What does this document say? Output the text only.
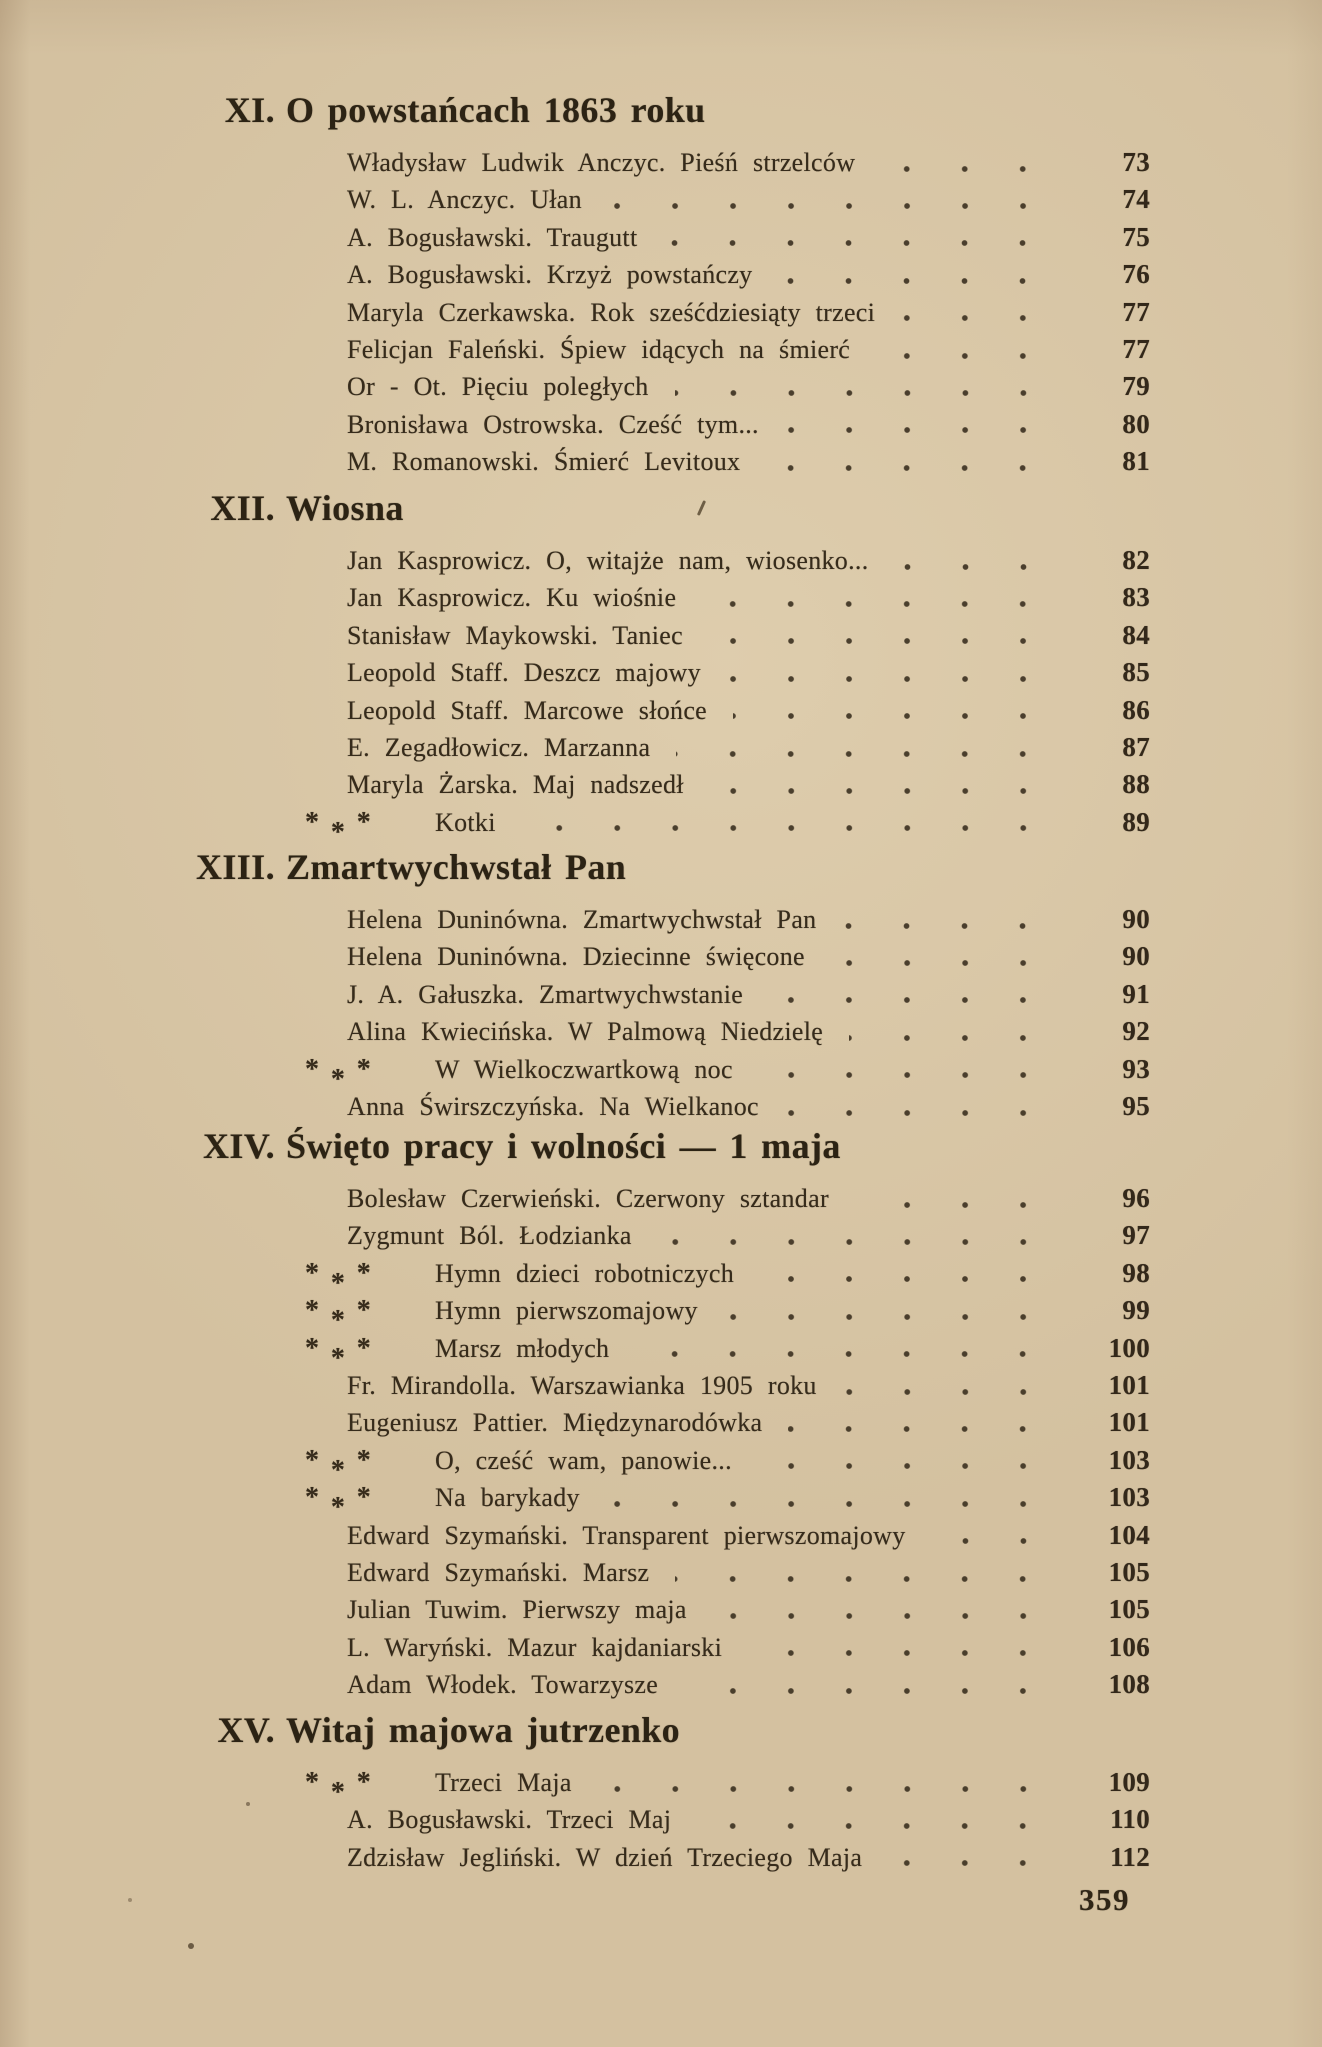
XI. O powstańcach 1863 roku
Władysław Ludwik Anczyc. Pieśń strzelców	73
W. L. Anczyc. Ułan	74
A. Bogusławski. Traugutt	75
A. Bogusławski. Krzyż powstańczy	76
Maryla Czerkawska. Rok sześćdziesiąty trzeci	77
Felicjan Faleński. Śpiew idących na śmierć	77
Or - Ot. Pięciu poległych	79
Bronisława Ostrowska. Cześć tym...	80
M. Romanowski. Śmierć Levitoux	81
XII. Wiosna
Jan Kasprowicz. O, witajże nam, wiosenko...	82
Jan Kasprowicz. Ku wiośnie	83
Stanisław Maykowski. Taniec	84
Leopold Staff. Deszcz majowy	85
Leopold Staff. Marcowe słońce	86
E. Zegadłowicz. Marzanna	87
Maryla Żarska. Maj nadszedł	88
* * * Kotki	89
XIII. Zmartwychwstał Pan
Helena Duninówna. Zmartwychwstał Pan	90
Helena Duninówna. Dziecinne święcone	90
J. A. Gałuszka. Zmartwychwstanie	91
Alina Kwiecińska. W Palmową Niedzielę	92
* * * W Wielkoczwartkową noc	93
Anna Świrszczyńska. Na Wielkanoc	95
XIV. Święto pracy i wolności — 1 maja
Bolesław Czerwieński. Czerwony sztandar	96
Zygmunt Ból. Łodzianka	97
* * * Hymn dzieci robotniczych	98
* * * Hymn pierwszomajowy	99
* * * Marsz młodych	100
Fr. Mirandolla. Warszawianka 1905 roku	101
Eugeniusz Pattier. Międzynarodówka	101
* * * O, cześć wam, panowie...	103
* * * Na barykady	103
Edward Szymański. Transparent pierwszomajowy	104
Edward Szymański. Marsz	105
Julian Tuwim. Pierwszy maja	105
L. Waryński. Mazur kajdaniarski	106
Adam Włodek. Towarzysze	108
XV. Witaj majowa jutrzenko
* * * Trzeci Maja	109
A. Bogusławski. Trzeci Maj	110
Zdzisław Jegliński. W dzień Trzeciego Maja	112
359
